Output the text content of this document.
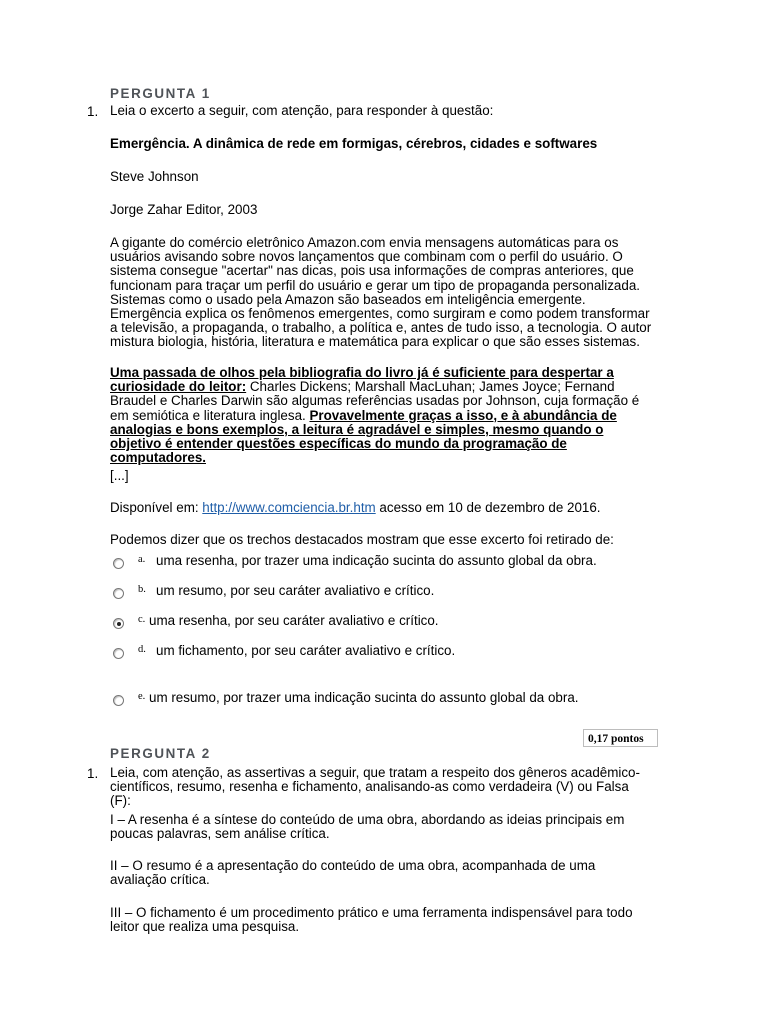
PERGUNTA 1
1. Leia o excerto a seguir, com atenção, para responder à questão:
Emergência. A dinâmica de rede em formigas, cérebros, cidades e softwares
Steve Johnson
Jorge Zahar Editor, 2003
A gigante do comércio eletrônico Amazon.com envia mensagens automáticas para os usuários avisando sobre novos lançamentos que combinam com o perfil do usuário. O sistema consegue "acertar" nas dicas, pois usa informações de compras anteriores, que funcionam para traçar um perfil do usuário e gerar um tipo de propaganda personalizada. Sistemas como o usado pela Amazon são baseados em inteligência emergente. Emergência explica os fenômenos emergentes, como surgiram e como podem transformar a televisão, a propaganda, o trabalho, a política e, antes de tudo isso, a tecnologia. O autor mistura biologia, história, literatura e matemática para explicar o que são esses sistemas.
Uma passada de olhos pela bibliografia do livro já é suficiente para despertar a curiosidade do leitor: Charles Dickens; Marshall MacLuhan; James Joyce; Fernand Braudel e Charles Darwin são algumas referências usadas por Johnson, cuja formação é em semiótica e literatura inglesa. Provavelmente graças a isso, e à abundância de analogias e bons exemplos, a leitura é agradável e simples, mesmo quando o objetivo é entender questões específicas do mundo da programação de computadores.
[...]
Disponível em: http://www.comciencia.br.htm acesso em 10 de dezembro de 2016.
Podemos dizer que os trechos destacados mostram que esse excerto foi retirado de:
a. uma resenha, por trazer uma indicação sucinta do assunto global da obra.
b. um resumo, por seu caráter avaliativo e crítico.
c. uma resenha, por seu caráter avaliativo e crítico.
d. um fichamento, por seu caráter avaliativo e crítico.
e. um resumo, por trazer uma indicação sucinta do assunto global da obra.
0,17 pontos
PERGUNTA 2
1. Leia, com atenção, as assertivas a seguir, que tratam a respeito dos gêneros acadêmico-científicos, resumo, resenha e fichamento, analisando-as como verdadeira (V) ou Falsa (F):
I – A resenha é a síntese do conteúdo de uma obra, abordando as ideias principais em poucas palavras, sem análise crítica.
II – O resumo é a apresentação do conteúdo de uma obra, acompanhada de uma avaliação crítica.
III – O fichamento é um procedimento prático e uma ferramenta indispensável para todo leitor que realiza uma pesquisa.
